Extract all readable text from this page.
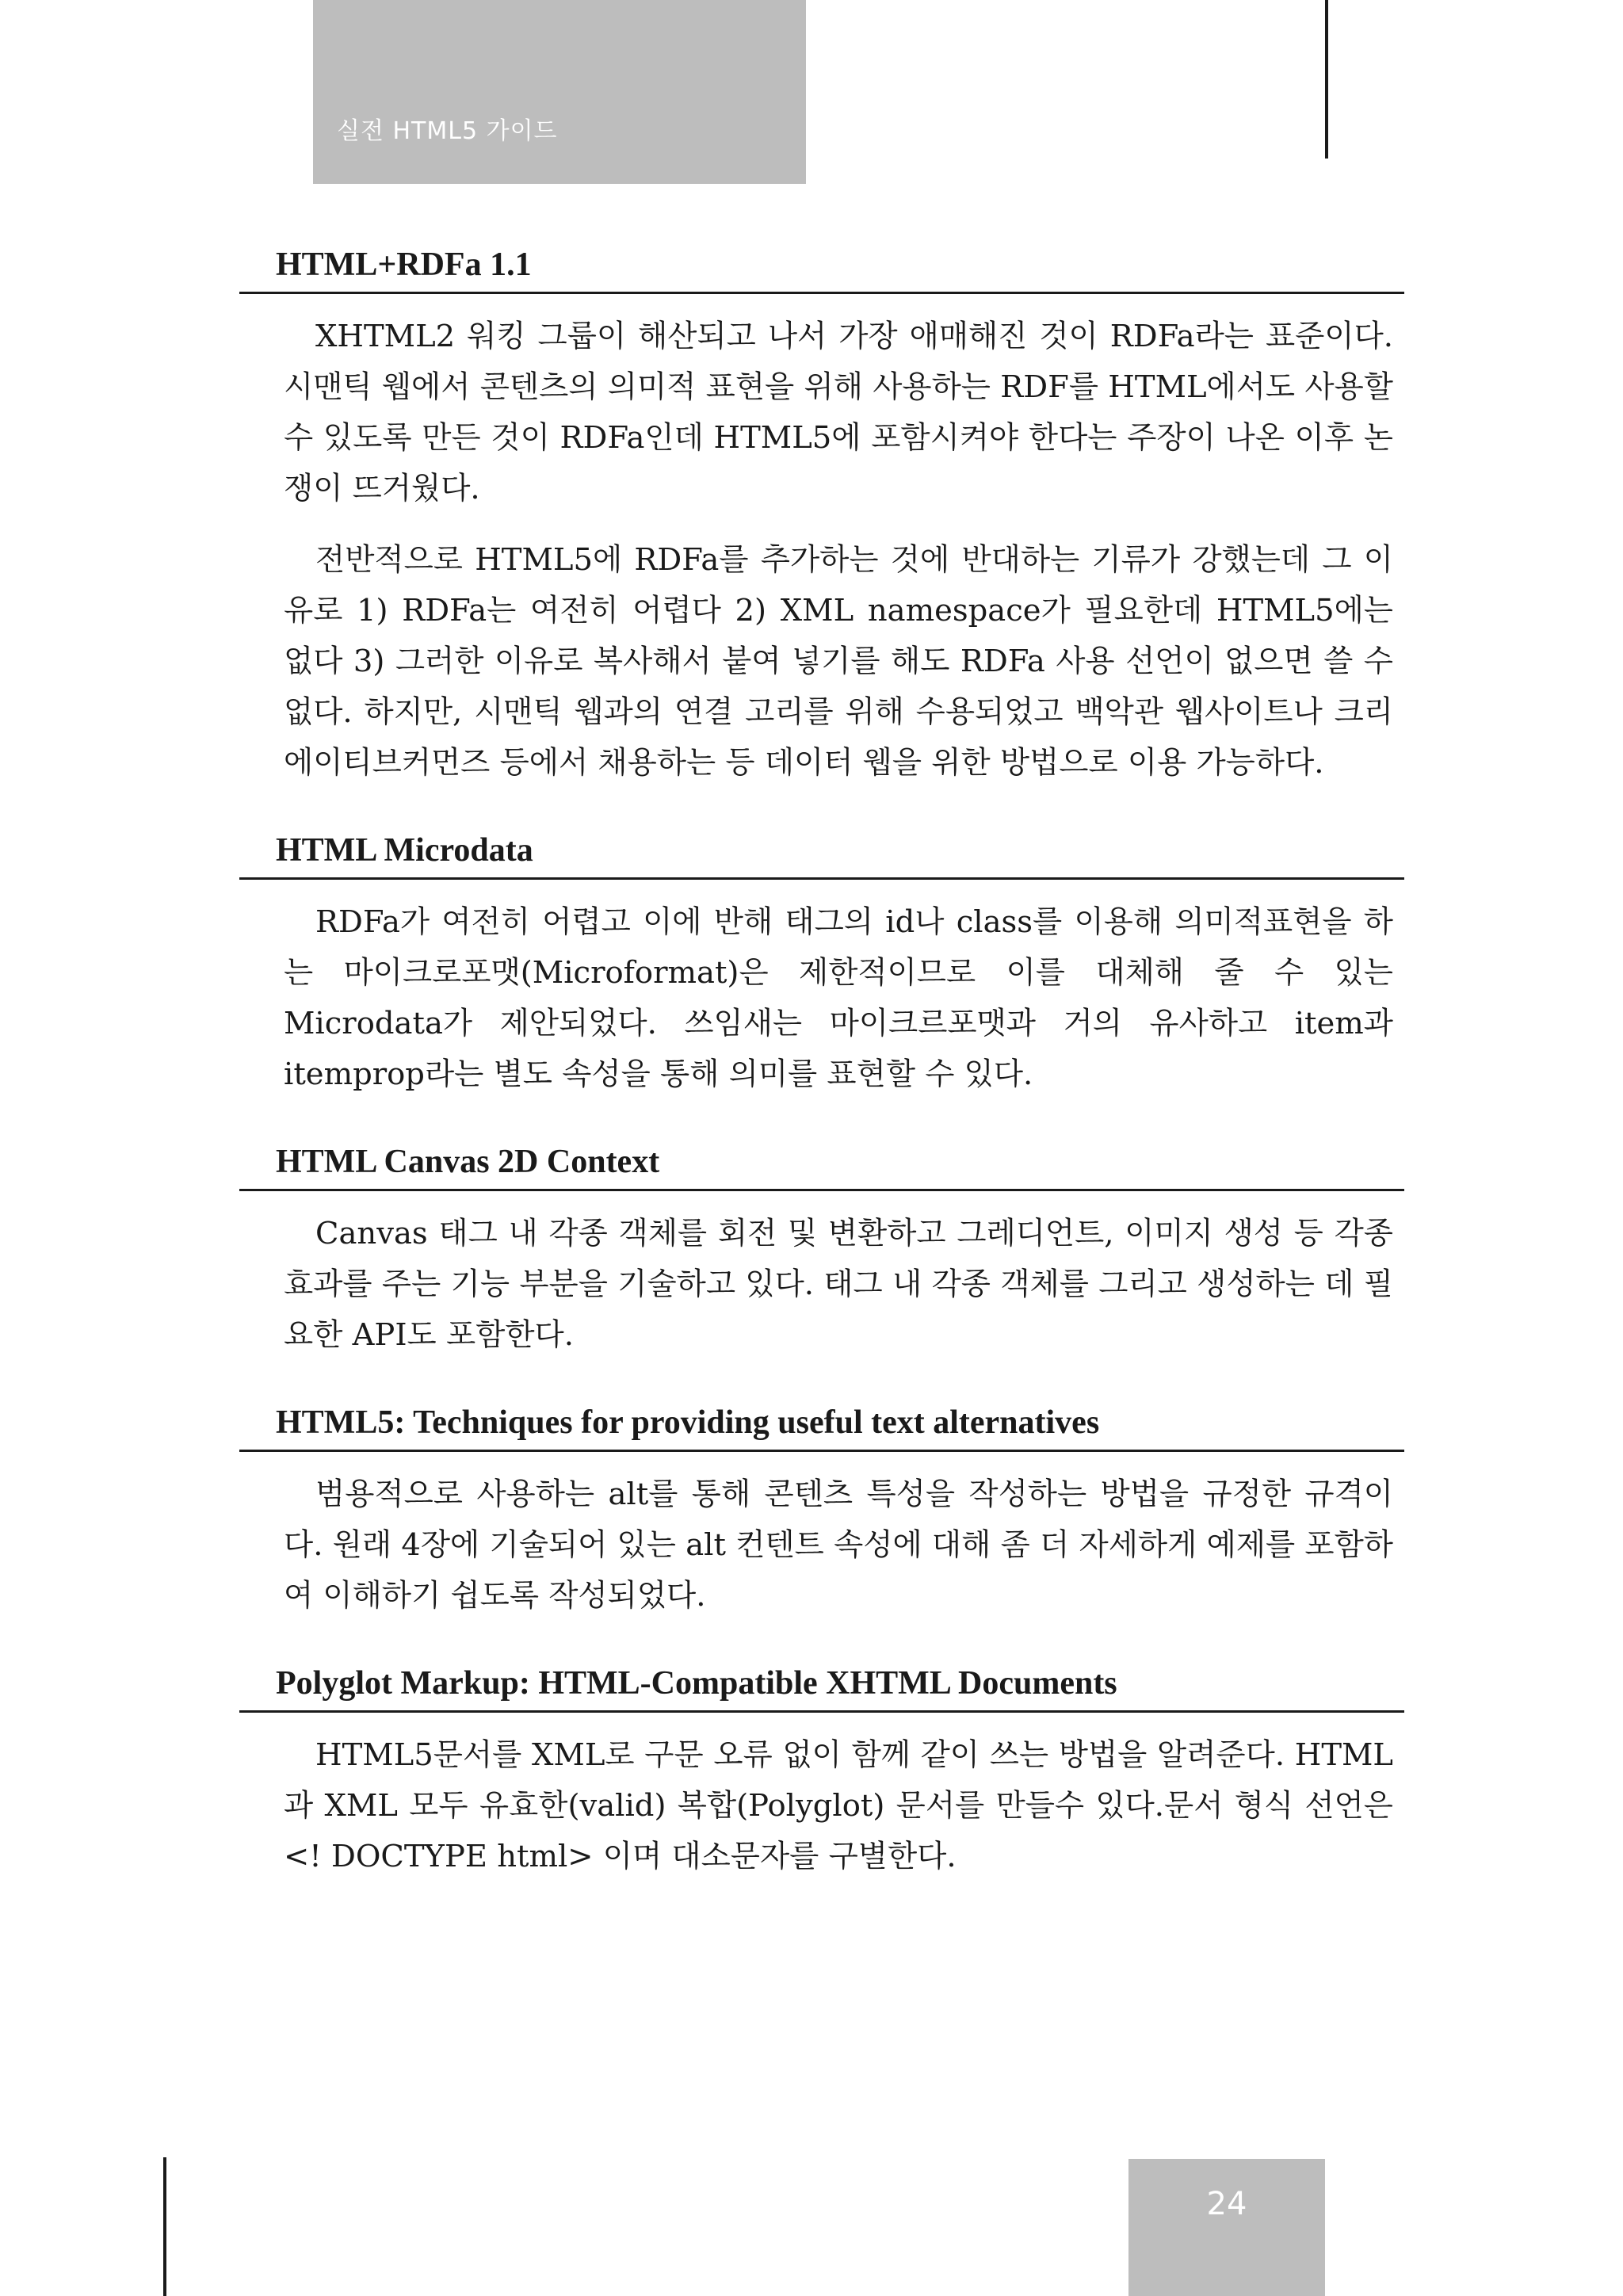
실전 HTML5 가이드
HTML+RDFa 1.1

XHTML2 워킹 그룹이 해산되고 나서 가장 애매해진 것이 RDFa라는 표준이다. 시맨틱 웹에서 콘텐츠의 의미적 표현을 위해 사용하는 RDF를 HTML에서도 사용할 수 있도록 만든 것이 RDFa인데 HTML5에 포함시켜야 한다는 주장이 나온 이후 논쟁이 뜨거웠다.

전반적으로 HTML5에 RDFa를 추가하는 것에 반대하는 기류가 강했는데 그 이유로 1) RDFa는 여전히 어렵다 2) XML namespace가 필요한데 HTML5에는 없다 3) 그러한 이유로 복사해서 붙여 넣기를 해도 RDFa 사용 선언이 없으면 쓸 수 없다. 하지만, 시맨틱 웹과의 연결 고리를 위해 수용되었고 백악관 웹사이트나 크리에이티브커먼즈 등에서 채용하는 등 데이터 웹을 위한 방법으로 이용 가능하다.

HTML Microdata

RDFa가 여전히 어렵고 이에 반해 태그의 id나 class를 이용해 의미적표현을 하는 마이크로포맷(Microformat)은 제한적이므로 이를 대체해 줄 수 있는 Microdata가 제안되었다. 쓰임새는 마이크르포맷과 거의 유사하고 item과 itemprop라는 별도 속성을 통해 의미를 표현할 수 있다.

HTML Canvas 2D Context

Canvas 태그 내 각종 객체를 회전 및 변환하고 그레디언트, 이미지 생성 등 각종 효과를 주는 기능 부분을 기술하고 있다. 태그 내 각종 객체를 그리고 생성하는 데 필요한 API도 포함한다.

HTML5: Techniques for providing useful text alternatives

범용적으로 사용하는 alt를 통해 콘텐츠 특성을 작성하는 방법을 규정한 규격이다. 원래 4장에 기술되어 있는 alt 컨텐트 속성에 대해 좀 더 자세하게 예제를 포함하여 이해하기 쉽도록 작성되었다.

Polyglot Markup: HTML-Compatible XHTML Documents

HTML5문서를 XML로 구문 오류 없이 함께 같이 쓰는 방법을 알려준다. HTML과 XML 모두 유효한(valid) 복합(Polyglot) 문서를 만들수 있다.문서 형식 선언은 <! DOCTYPE html> 이며 대소문자를 구별한다.

24
